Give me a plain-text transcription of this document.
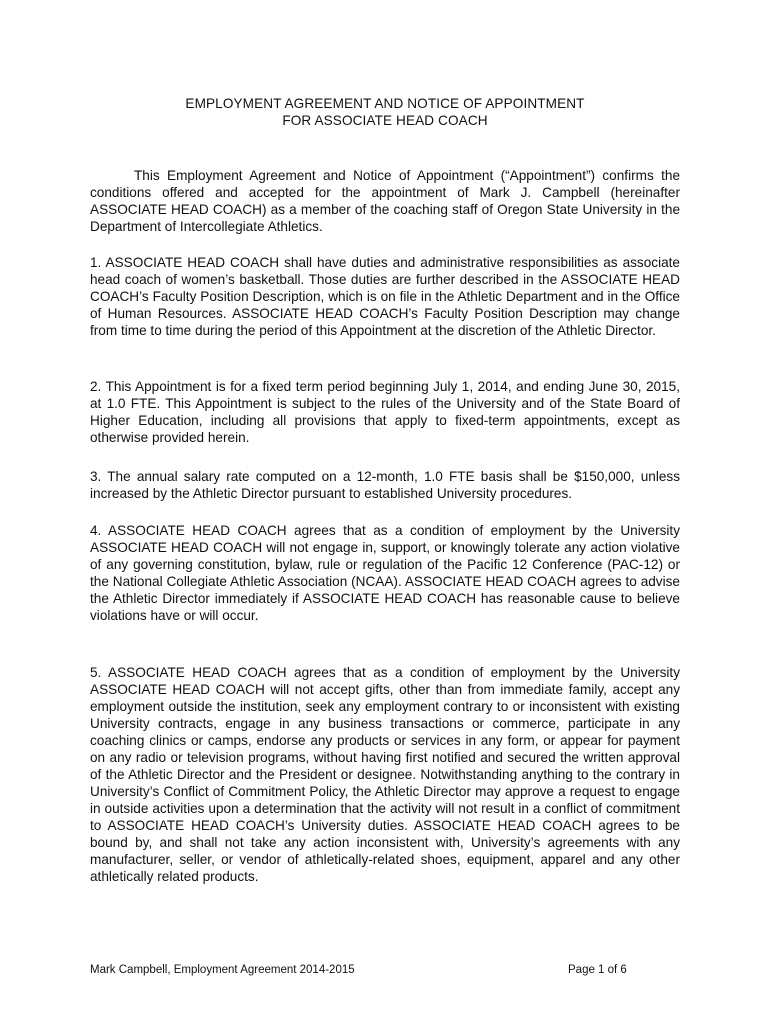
EMPLOYMENT AGREEMENT AND NOTICE OF APPOINTMENT

FOR ASSOCIATE HEAD COACH

This Employment Agreement and Notice of Appointment (“Appointment”) confirms the conditions offered and accepted for the appointment of Mark J. Campbell (hereinafter ASSOCIATE HEAD COACH) as a member of the coaching staff of Oregon State University in the Department of Intercollegiate Athletics.

1. ASSOCIATE HEAD COACH shall have duties and administrative responsibilities as associate head coach of women’s basketball. Those duties are further described in the ASSOCIATE HEAD COACH’s Faculty Position Description, which is on file in the Athletic Department and in the Office of Human Resources. ASSOCIATE HEAD COACH’s Faculty Position Description may change from time to time during the period of this Appointment at the discretion of the Athletic Director.

2. This Appointment is for a fixed term period beginning July 1, 2014, and ending June 30, 2015, at 1.0 FTE. This Appointment is subject to the rules of the University and of the State Board of Higher Education, including all provisions that apply to fixed-term appointments, except as otherwise provided herein.

3. The annual salary rate computed on a 12-month, 1.0 FTE basis shall be $150,000, unless increased by the Athletic Director pursuant to established University procedures.

4. ASSOCIATE HEAD COACH agrees that as a condition of employment by the University ASSOCIATE HEAD COACH will not engage in, support, or knowingly tolerate any action violative of any governing constitution, bylaw, rule or regulation of the Pacific 12 Conference (PAC-12) or the National Collegiate Athletic Association (NCAA). ASSOCIATE HEAD COACH agrees to advise the Athletic Director immediately if ASSOCIATE HEAD COACH has reasonable cause to believe violations have or will occur.

5. ASSOCIATE HEAD COACH agrees that as a condition of employment by the University ASSOCIATE HEAD COACH will not accept gifts, other than from immediate family, accept any employment outside the institution, seek any employment contrary to or inconsistent with existing University contracts, engage in any business transactions or commerce, participate in any coaching clinics or camps, endorse any products or services in any form, or appear for payment on any radio or television programs, without having first notified and secured the written approval of the Athletic Director and the President or designee. Notwithstanding anything to the contrary in University’s Conflict of Commitment Policy, the Athletic Director may approve a request to engage in outside activities upon a determination that the activity will not result in a conflict of commitment to ASSOCIATE HEAD COACH’s University duties. ASSOCIATE HEAD COACH agrees to be bound by, and shall not take any action inconsistent with, University’s agreements with any manufacturer, seller, or vendor of athletically-related shoes, equipment, apparel and any other athletically related products.

Mark Campbell, Employment Agreement 2014-2015	Page 1 of 6
